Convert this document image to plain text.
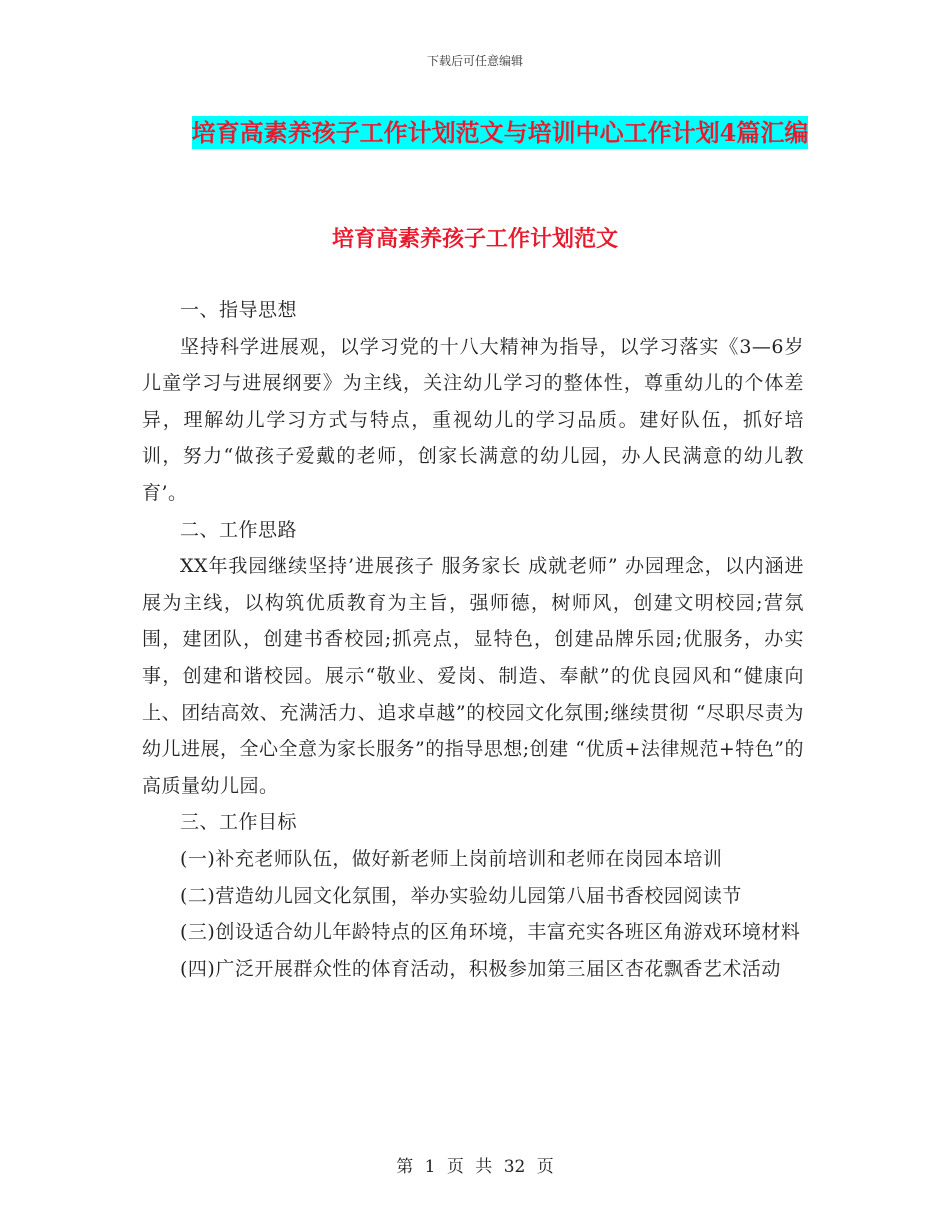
下载后可任意编辑
培育高素养孩子工作计划范文与培训中心工作计划4篇汇编
培育高素养孩子工作计划范文

一、指导思想

坚持科学进展观，以学习党的十八大精神为指导，以学习落实《3—6岁儿童学习与进展纲要》为主线，关注幼儿学习的整体性，尊重幼儿的个体差异，理解幼儿学习方式与特点，重视幼儿的学习品质。建好队伍，抓好培训，努力“做孩子爱戴的老师，创家长满意的幼儿园，办人民满意的幼儿教育’。

二、工作思路

XX年我园继续坚持’进展孩子 服务家长 成就老师” 办园理念，以内涵进展为主线，以构筑优质教育为主旨，强师德，树师风，创建文明校园;营氛围，建团队，创建书香校园;抓亮点，显特色，创建品牌乐园;优服务，办实事，创建和谐校园。展示“敬业、爱岗、制造、奉献”的优良园风和“健康向上、团结高效、充满活力、追求卓越”的校园文化氛围;继续贯彻 “尽职尽责为幼儿进展，全心全意为家长服务”的指导思想;创建 “优质+法律规范+特色”的高质量幼儿园。

三、工作目标

(一)补充老师队伍，做好新老师上岗前培训和老师在岗园本培训

(二)营造幼儿园文化氛围，举办实验幼儿园第八届书香校园阅读节

(三)创设适合幼儿年龄特点的区角环境，丰富充实各班区角游戏环境材料

(四)广泛开展群众性的体育活动，积极参加第三届区杏花飘香艺术活动

第 1 页 共 32 页
